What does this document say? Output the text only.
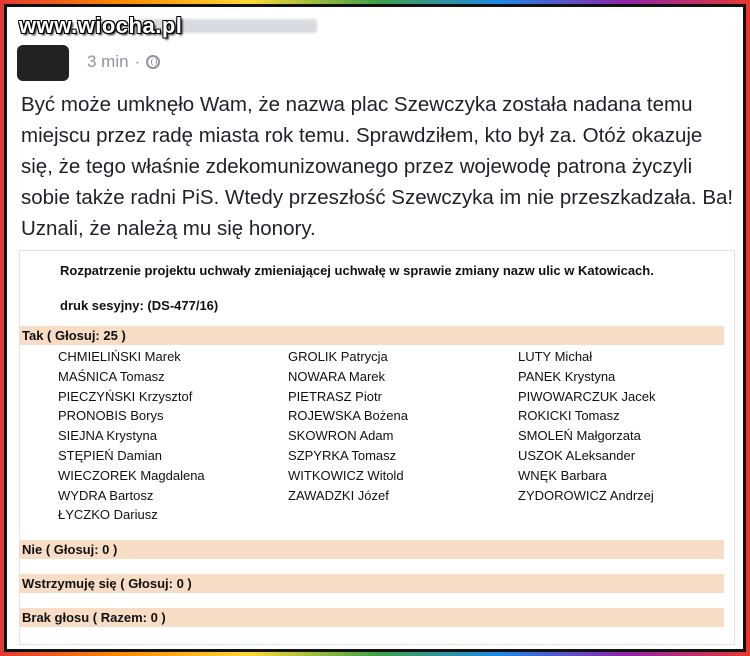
www.wiocha.pl
3 min ·
Być może umknęło Wam, że nazwa plac Szewczyka została nadana temu miejscu przez radę miasta rok temu. Sprawdziłem, kto był za. Otóż okazuje się, że tego właśnie zdekomunizowanego przez wojewodę patrona życzyli sobie także radni PiS. Wtedy przeszłość Szewczyka im nie przeszkadzała. Ba! Uznali, że należą mu się honory.
Rozpatrzenie projektu uchwały zmieniającej uchwałę w sprawie zmiany nazw ulic w Katowicach.
druk sesyjny: (DS-477/16)
Tak ( Głosuj: 25 )
CHMIELIŃSKI Marek
MAŚNICA Tomasz
PIECZYŃSKI Krzysztof
PRONOBIS Borys
SIEJNA Krystyna
STĘPIEŃ Damian
WIECZOREK Magdalena
WYDRA Bartosz
ŁYCZKO Dariusz
GROLIK Patrycja
NOWARA Marek
PIETRASZ Piotr
ROJEWSKA Bożena
SKOWRON Adam
SZPYRKA Tomasz
WITKOWICZ Witold
ZAWADZKI Józef
LUTY Michał
PANEK Krystyna
PIWOWARCZUK Jacek
ROKICKI Tomasz
SMOLEŃ Małgorzata
USZOK ALeksander
WNĘK Barbara
ZYDOROWICZ Andrzej
Nie ( Głosuj: 0 )
Wstrzymuję się ( Głosuj: 0 )
Brak głosu ( Razem: 0 )
